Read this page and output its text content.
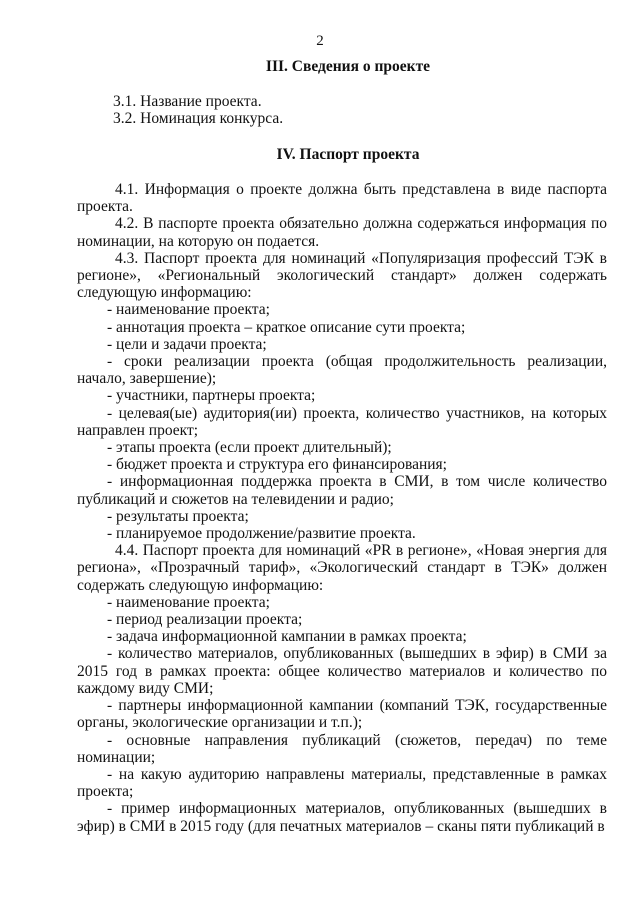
2
III. Сведения о проекте

3.1. Название проекта.

3.2. Номинация конкурса.

IV. Паспорт проекта

4.1. Информация о проекте должна быть представлена в виде паспорта проекта.

4.2. В паспорте проекта обязательно должна содержаться информация по номинации, на которую он подается.

4.3. Паспорт проекта для номинаций «Популяризация профессий ТЭК в регионе», «Региональный экологический стандарт» должен содержать следующую информацию:

- наименование проекта;

- аннотация проекта – краткое описание сути проекта;

- цели и задачи проекта;

- сроки реализации проекта (общая продолжительность реализации, начало, завершение);

- участники, партнеры проекта;

- целевая(ые) аудитория(ии) проекта, количество участников, на которых направлен проект;

- этапы проекта (если проект длительный);

- бюджет проекта и структура его финансирования;

- информационная поддержка проекта в СМИ, в том числе количество публикаций и сюжетов на телевидении и радио;

- результаты проекта;

- планируемое продолжение/развитие проекта.

4.4. Паспорт проекта для номинаций «PR в регионе», «Новая энергия для региона», «Прозрачный тариф», «Экологический стандарт в ТЭК» должен содержать следующую информацию:

- наименование проекта;

- период реализации проекта;

- задача информационной кампании в рамках проекта;

- количество материалов, опубликованных (вышедших в эфир) в СМИ за 2015 год в рамках проекта: общее количество материалов и количество по каждому виду СМИ;

- партнеры информационной кампании (компаний ТЭК, государственные органы, экологические организации и т.п.);

- основные направления публикаций (сюжетов, передач) по теме номинации;

- на какую аудиторию направлены материалы, представленные в рамках проекта;

- пример информационных материалов, опубликованных (вышедших в эфир) в СМИ в 2015 году (для печатных материалов – сканы пяти публикаций в
